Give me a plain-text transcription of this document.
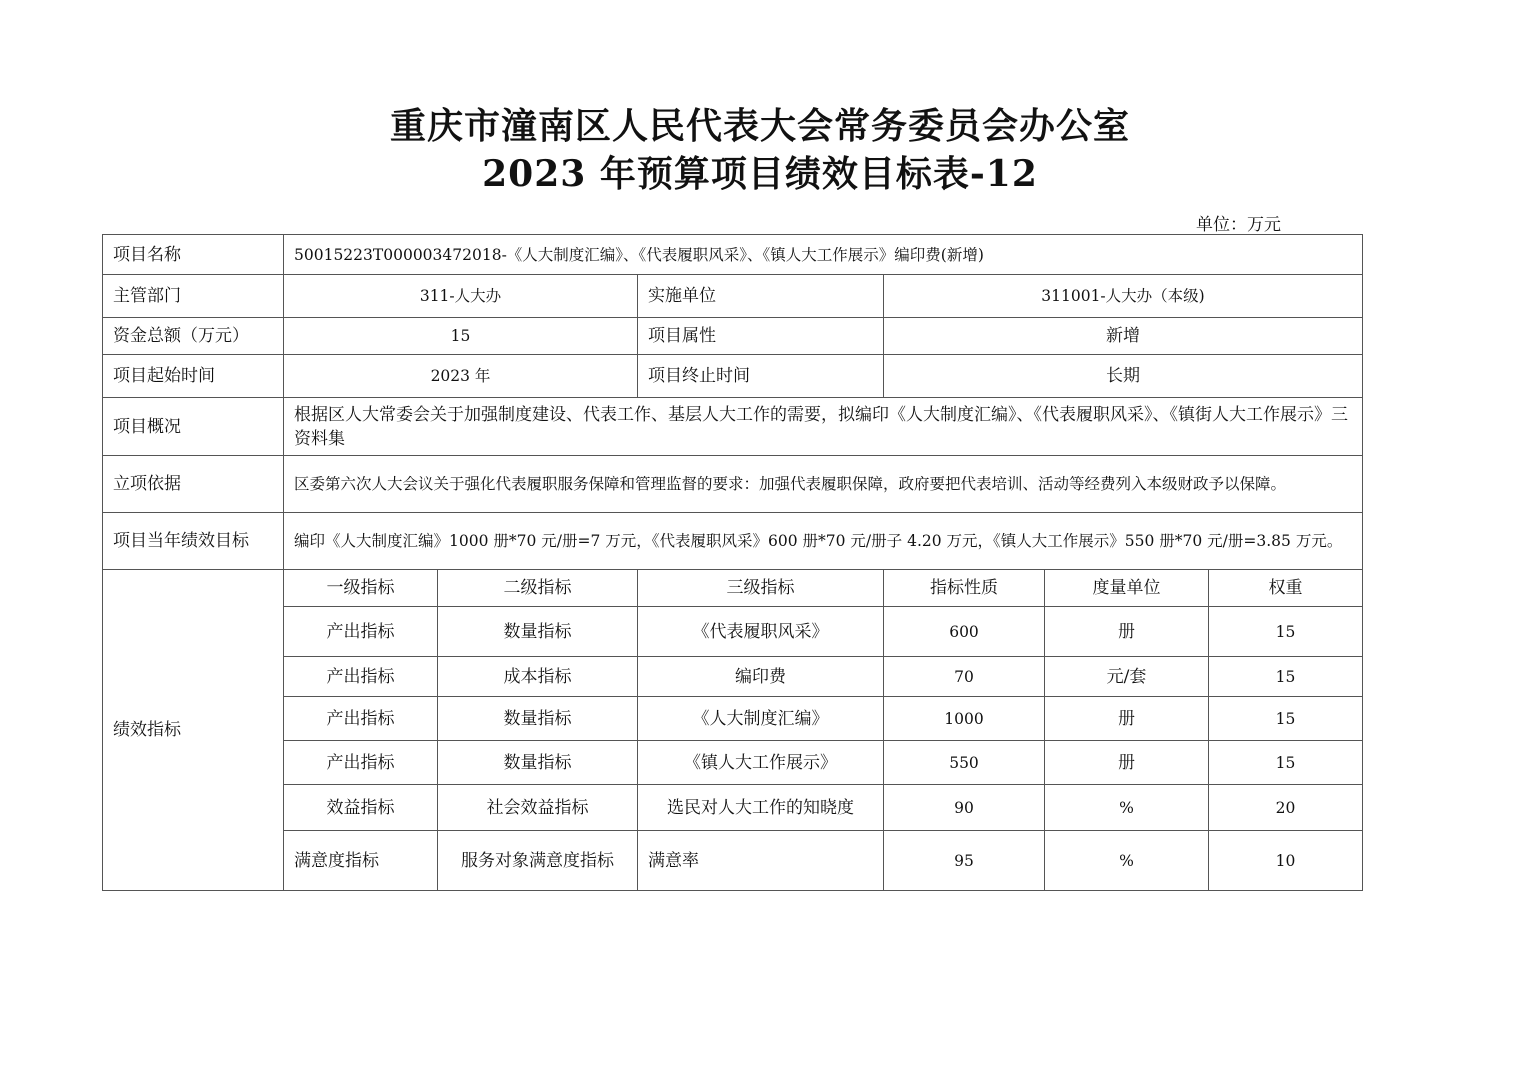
重庆市潼南区人民代表大会常务委员会办公室
2023 年预算项目绩效目标表-12
单位：万元
项目名称	50015223T000003472018-《人大制度汇编》、《代表履职风采》、《镇人大工作展示》编印费(新增)					
主管部门	311-人大办		实施单位	311001-人大办（本级)		
资金总额（万元）	15		项目属性	新增		
项目起始时间	2023 年		项目终止时间	长期		
项目概况	根据区人大常委会关于加强制度建设、代表工作、基层人大工作的需要，拟编印《人大制度汇编》、《代表履职风采》、《镇街人大工作展示》三资料集					
立项依据	区委第六次人大会议关于强化代表履职服务保障和管理监督的要求：加强代表履职保障，政府要把代表培训、活动等经费列入本级财政予以保障。					
项目当年绩效目标	编印《人大制度汇编》1000 册*70 元/册=7 万元，《代表履职风采》600 册*70 元/册子 4.20 万元，《镇人大工作展示》550 册*70 元/册=3.85 万元。					
绩效指标	一级指标	二级指标	三级指标	指标性质	度量单位	权重
	产出指标	数量指标	《代表履职风采》	600	册	15
	产出指标	成本指标	编印费	70	元/套	15
	产出指标	数量指标	《人大制度汇编》	1000	册	15
	产出指标	数量指标	《镇人大工作展示》	550	册	15
	效益指标	社会效益指标	选民对人大工作的知晓度	90	%	20
	满意度指标	服务对象满意度指标	满意率	95	%	10
